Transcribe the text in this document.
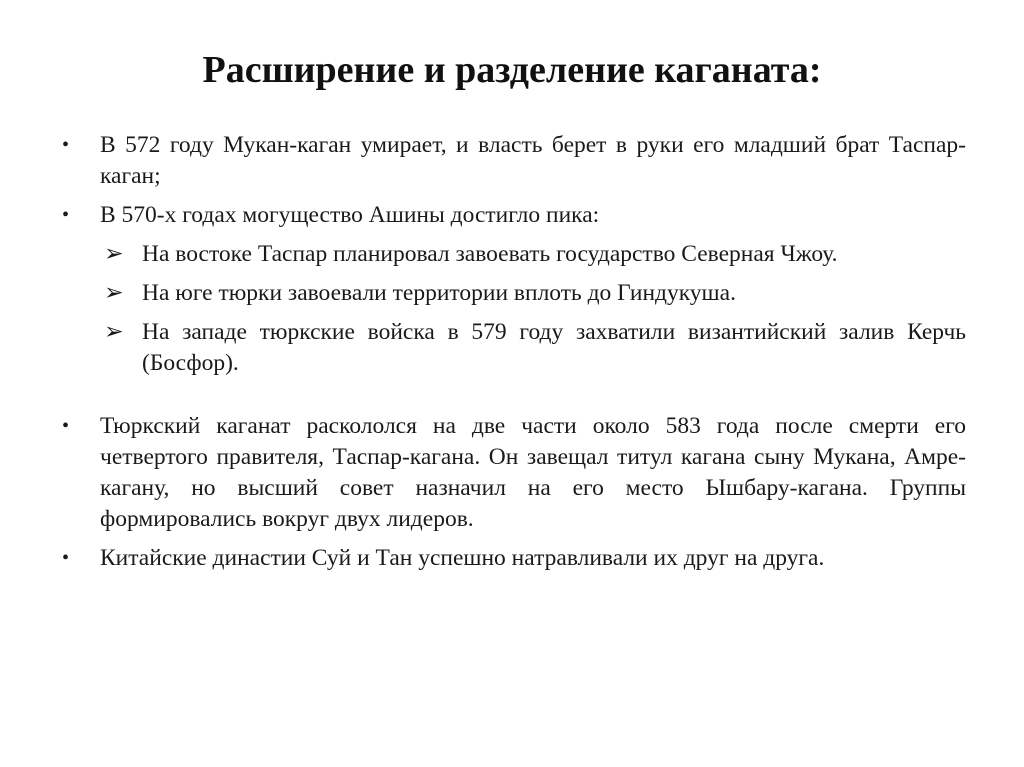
Расширение и разделение каганата:
• В 572 году Мукан-каган умирает, и власть берет в руки его младший брат Таспар-каган;
• В 570-х годах могущество Ашины достигло пика:
➢ На востоке Таспар планировал завоевать государство Северная Чжоу.
➢ На юге тюрки завоевали территории вплоть до Гиндукуша.
➢ На западе тюркские войска в 579 году захватили византийский залив Керчь (Босфор).
• Тюркский каганат раскололся на две части около 583 года после смерти его четвертого правителя, Таспар-кагана. Он завещал титул кагана сыну Мукана, Амре-кагану, но высший совет назначил на его место Ышбару-кагана. Группы формировались вокруг двух лидеров.
• Китайские династии Суй и Тан успешно натравливали их друг на друга.
